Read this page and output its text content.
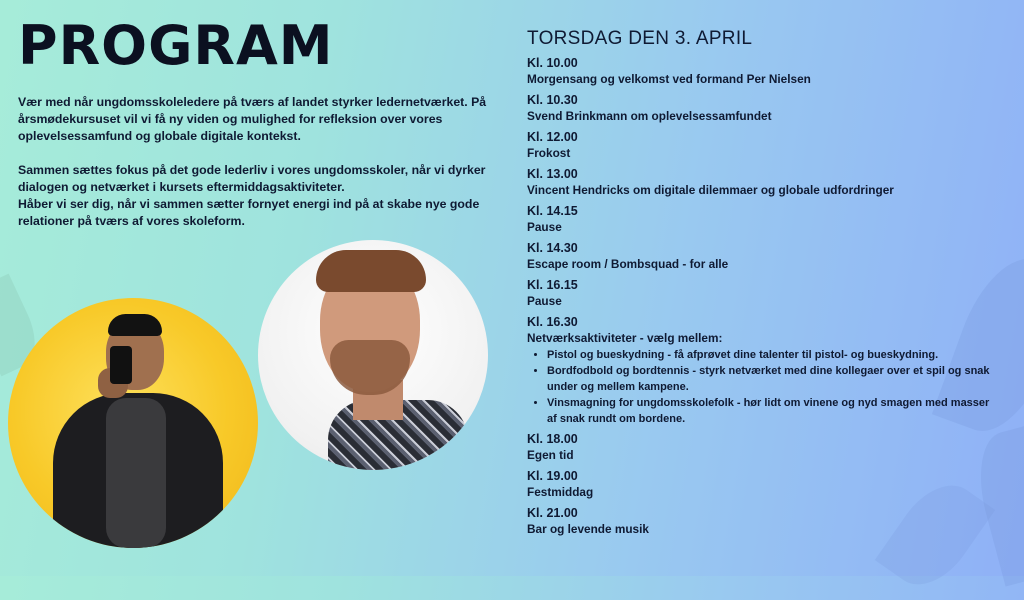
PROGRAM

Vær med når ungdomsskoleledere på tværs af landet styrker ledernetværket. På årsmødekursuset vil vi få ny viden og mulighed for refleksion over vores oplevelsessamfund og globale digitale kontekst.

Sammen sættes fokus på det gode lederliv i vores ungdomsskoler, når vi dyrker dialogen og netværket i kursets eftermiddagsaktiviteter.

Håber vi ser dig, når vi sammen sætter fornyet energi ind på at skabe nye gode relationer på tværs af vores skoleform.

TORSDAG DEN 3. APRIL
Kl. 10.00
Morgensang og velkomst ved formand Per Nielsen
Kl. 10.30
Svend Brinkmann om oplevelsessamfundet
Kl. 12.00
Frokost
Kl. 13.00
Vincent Hendricks om digitale dilemmaer og globale udfordringer
Kl. 14.15
Pause
Kl. 14.30
Escape room / Bombsquad - for alle
Kl. 16.15
Pause
Kl. 16.30
Netværksaktiviteter - vælg mellem:
• Pistol og bueskydning - få afprøvet dine talenter til pistol- og bueskydning.
• Bordfodbold og bordtennis - styrk netværket med dine kollegaer over et spil og snak under og mellem kampene.
• Vinsmagning for ungdomsskolefolk - hør lidt om vinene og nyd smagen med masser af snak rundt om bordene.
Kl. 18.00
Egen tid
Kl. 19.00
Festmiddag
Kl. 21.00
Bar og levende musik
